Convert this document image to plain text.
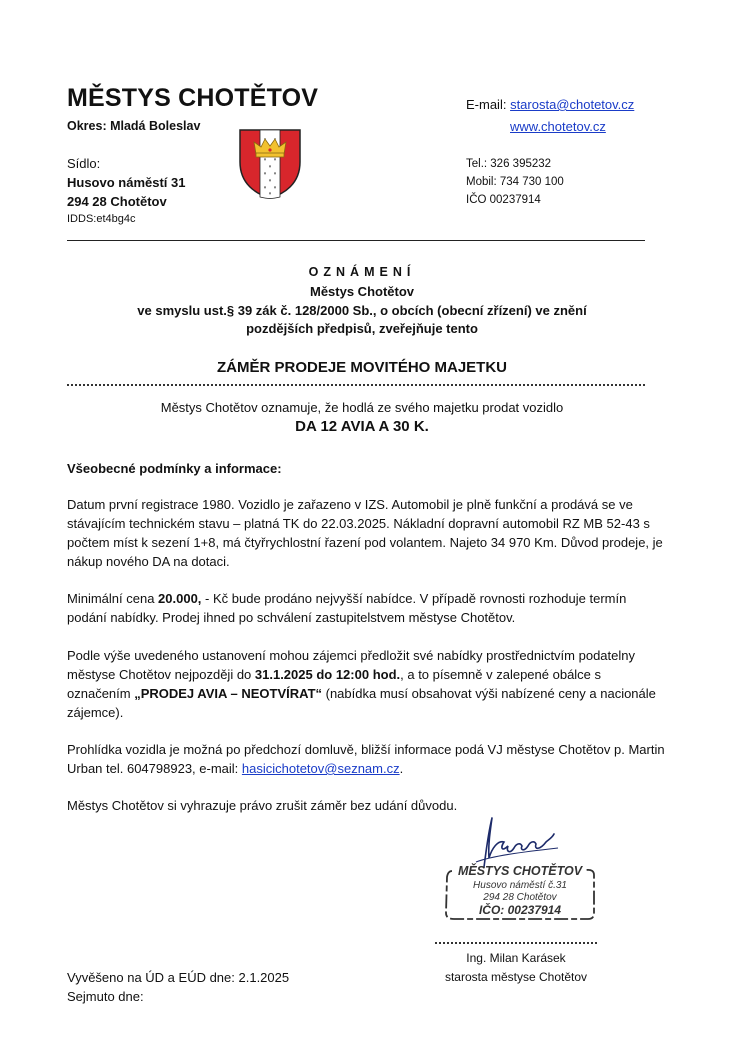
MĚSTYS CHOTĚTOV
Okres: Mladá Boleslav
Sídlo:
Husovo náměstí 31
294 28 Chotětov
IDDS:et4bg4c
E-mail: starosta@chotetov.cz
www.chotetov.cz
Tel.: 326 395232
Mobil: 734 730 100
IČO 00237914
OZNÁMENÍ
Městys Chotětov
ve smyslu ust.§ 39 zák č. 128/2000 Sb., o obcích (obecní zřízení) ve znění
pozdějších předpisů, zveřejňuje tento
ZÁMĚR PRODEJE MOVITÉHO MAJETKU
Městys Chotětov oznamuje, že hodlá ze svého majetku prodat vozidlo
DA 12 AVIA A 30 K.
Všeobecné podmínky a informace:
Datum první registrace 1980. Vozidlo je zařazeno v IZS. Automobil je plně funkční a prodává se ve stávajícím technickém stavu – platná TK do 22.03.2025. Nákladní dopravní automobil RZ MB 52-43 s počtem míst k sezení 1+8, má čtyřrychlostní řazení pod volantem. Najeto 34 970 Km. Důvod prodeje, je nákup nového DA na dotaci.
Minimální cena 20.000, - Kč bude prodáno nejvyšší nabídce. V případě rovnosti rozhoduje termín podání nabídky. Prodej ihned po schválení zastupitelstvem městyse Chotětov.
Podle výše uvedeného ustanovení mohou zájemci předložit své nabídky prostřednictvím podatelny městyse Chotětov nejpozději do 31.1.2025 do 12:00 hod., a to písemně v zalepené obálce s označením „PRODEJ AVIA – NEOTVÍRAT“ (nabídka musí obsahovat výši nabízené ceny a nacionále zájemce).
Prohlídka vozidla je možná po předchozí domluvě, bližší informace podá VJ městyse Chotětov p. Martin Urban tel. 604798923, e-mail: hasicichotetov@seznam.cz.
Městys Chotětov si vyhrazuje právo zrušit záměr bez udání důvodu.
MĚSTYS CHOTĚTOV
Husovo náměstí č.31
294 28 Chotětov
IČO: 00237914
Ing. Milan Karásek
starosta městyse Chotětov
Vyvěšeno na ÚD a EÚD dne: 2.1.2025
Sejmuto dne:
